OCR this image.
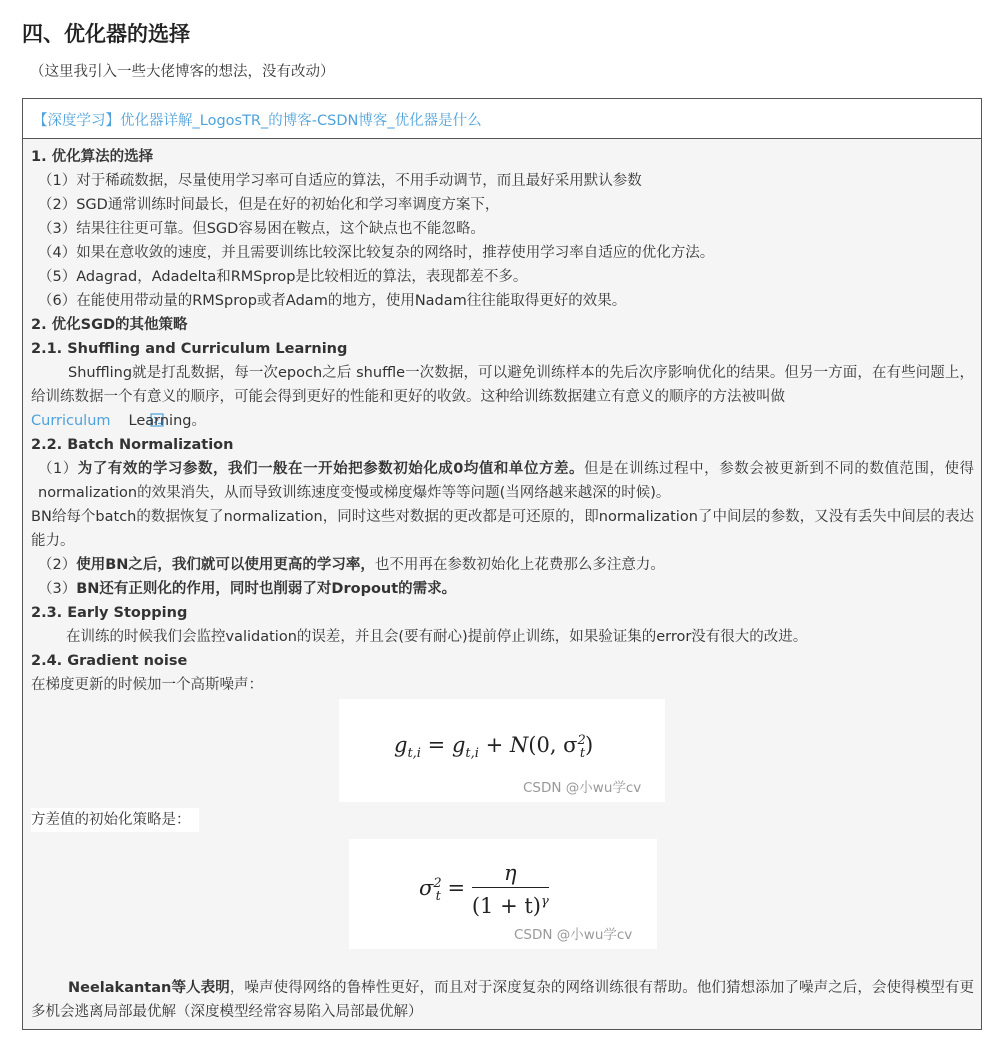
四、优化器的选择
（这里我引入一些大佬博客的想法，没有改动）
【深度学习】优化器详解_LogosTR_的博客-CSDN博客_优化器是什么

1. 优化算法的选择

（1）对于稀疏数据，尽量使用学习率可自适应的算法，不用手动调节，而且最好采用默认参数

（2）SGD通常训练时间最长，但是在好的初始化和学习率调度方案下，

（3）结果往往更可靠。但SGD容易困在鞍点，这个缺点也不能忽略。

（4）如果在意收敛的速度，并且需要训练比较深比较复杂的网络时，推荐使用学习率自适应的优化方法。

（5）Adagrad，Adadelta和RMSprop是比较相近的算法，表现都差不多。

（6）在能使用带动量的RMSprop或者Adam的地方，使用Nadam往往能取得更好的效果。

2. 优化SGD的其他策略

2.1. Shuffling and Curriculum Learning

Shuffling就是打乱数据，每一次epoch之后 shuffle一次数据，可以避免训练样本的先后次序影响优化的结果。但另一方面，在有些问题上，给训练数据一个有意义的顺序，可能会得到更好的性能和更好的收敛。这种给训练数据建立有意义的顺序的方法被叫做
Curriculum Learning。

2.2. Batch Normalization

（1）为了有效的学习参数，我们一般在一开始把参数初始化成0均值和单位方差。但是在训练过程中，参数会被更新到不同的数值范围，使得normalization的效果消失，从而导致训练速度变慢或梯度爆炸等等问题(当网络越来越深的时候)。

BN给每个batch的数据恢复了normalization，同时这些对数据的更改都是可还原的，即normalization了中间层的参数，又没有丢失中间层的表达能力。

（2）使用BN之后，我们就可以使用更高的学习率，也不用再在参数初始化上花费那么多注意力。

（3）BN还有正则化的作用，同时也削弱了对Dropout的需求。

2.3. Early Stopping

在训练的时候我们会监控validation的误差，并且会(要有耐心)提前停止训练，如果验证集的error没有很大的改进。

2.4. Gradient noise

在梯度更新的时候加一个高斯噪声：

$g_{t,i} = g_{t,i} + N(0$, $\sigma^2_t$)
CSDN @小wu学cv

方差值的初始化策略是：

$\sigma^2_t = \frac{\eta}{(1 + t)^\gamma}$
CSDN @小wu学cv

Neelakantan等人表明，噪声使得网络的鲁棒性更好，而且对于深度复杂的网络训练很有帮助。他们猜想添加了噪声之后，会使得模型有更多机会逃离局部最优解（深度模型经常容易陷入局部最优解）
